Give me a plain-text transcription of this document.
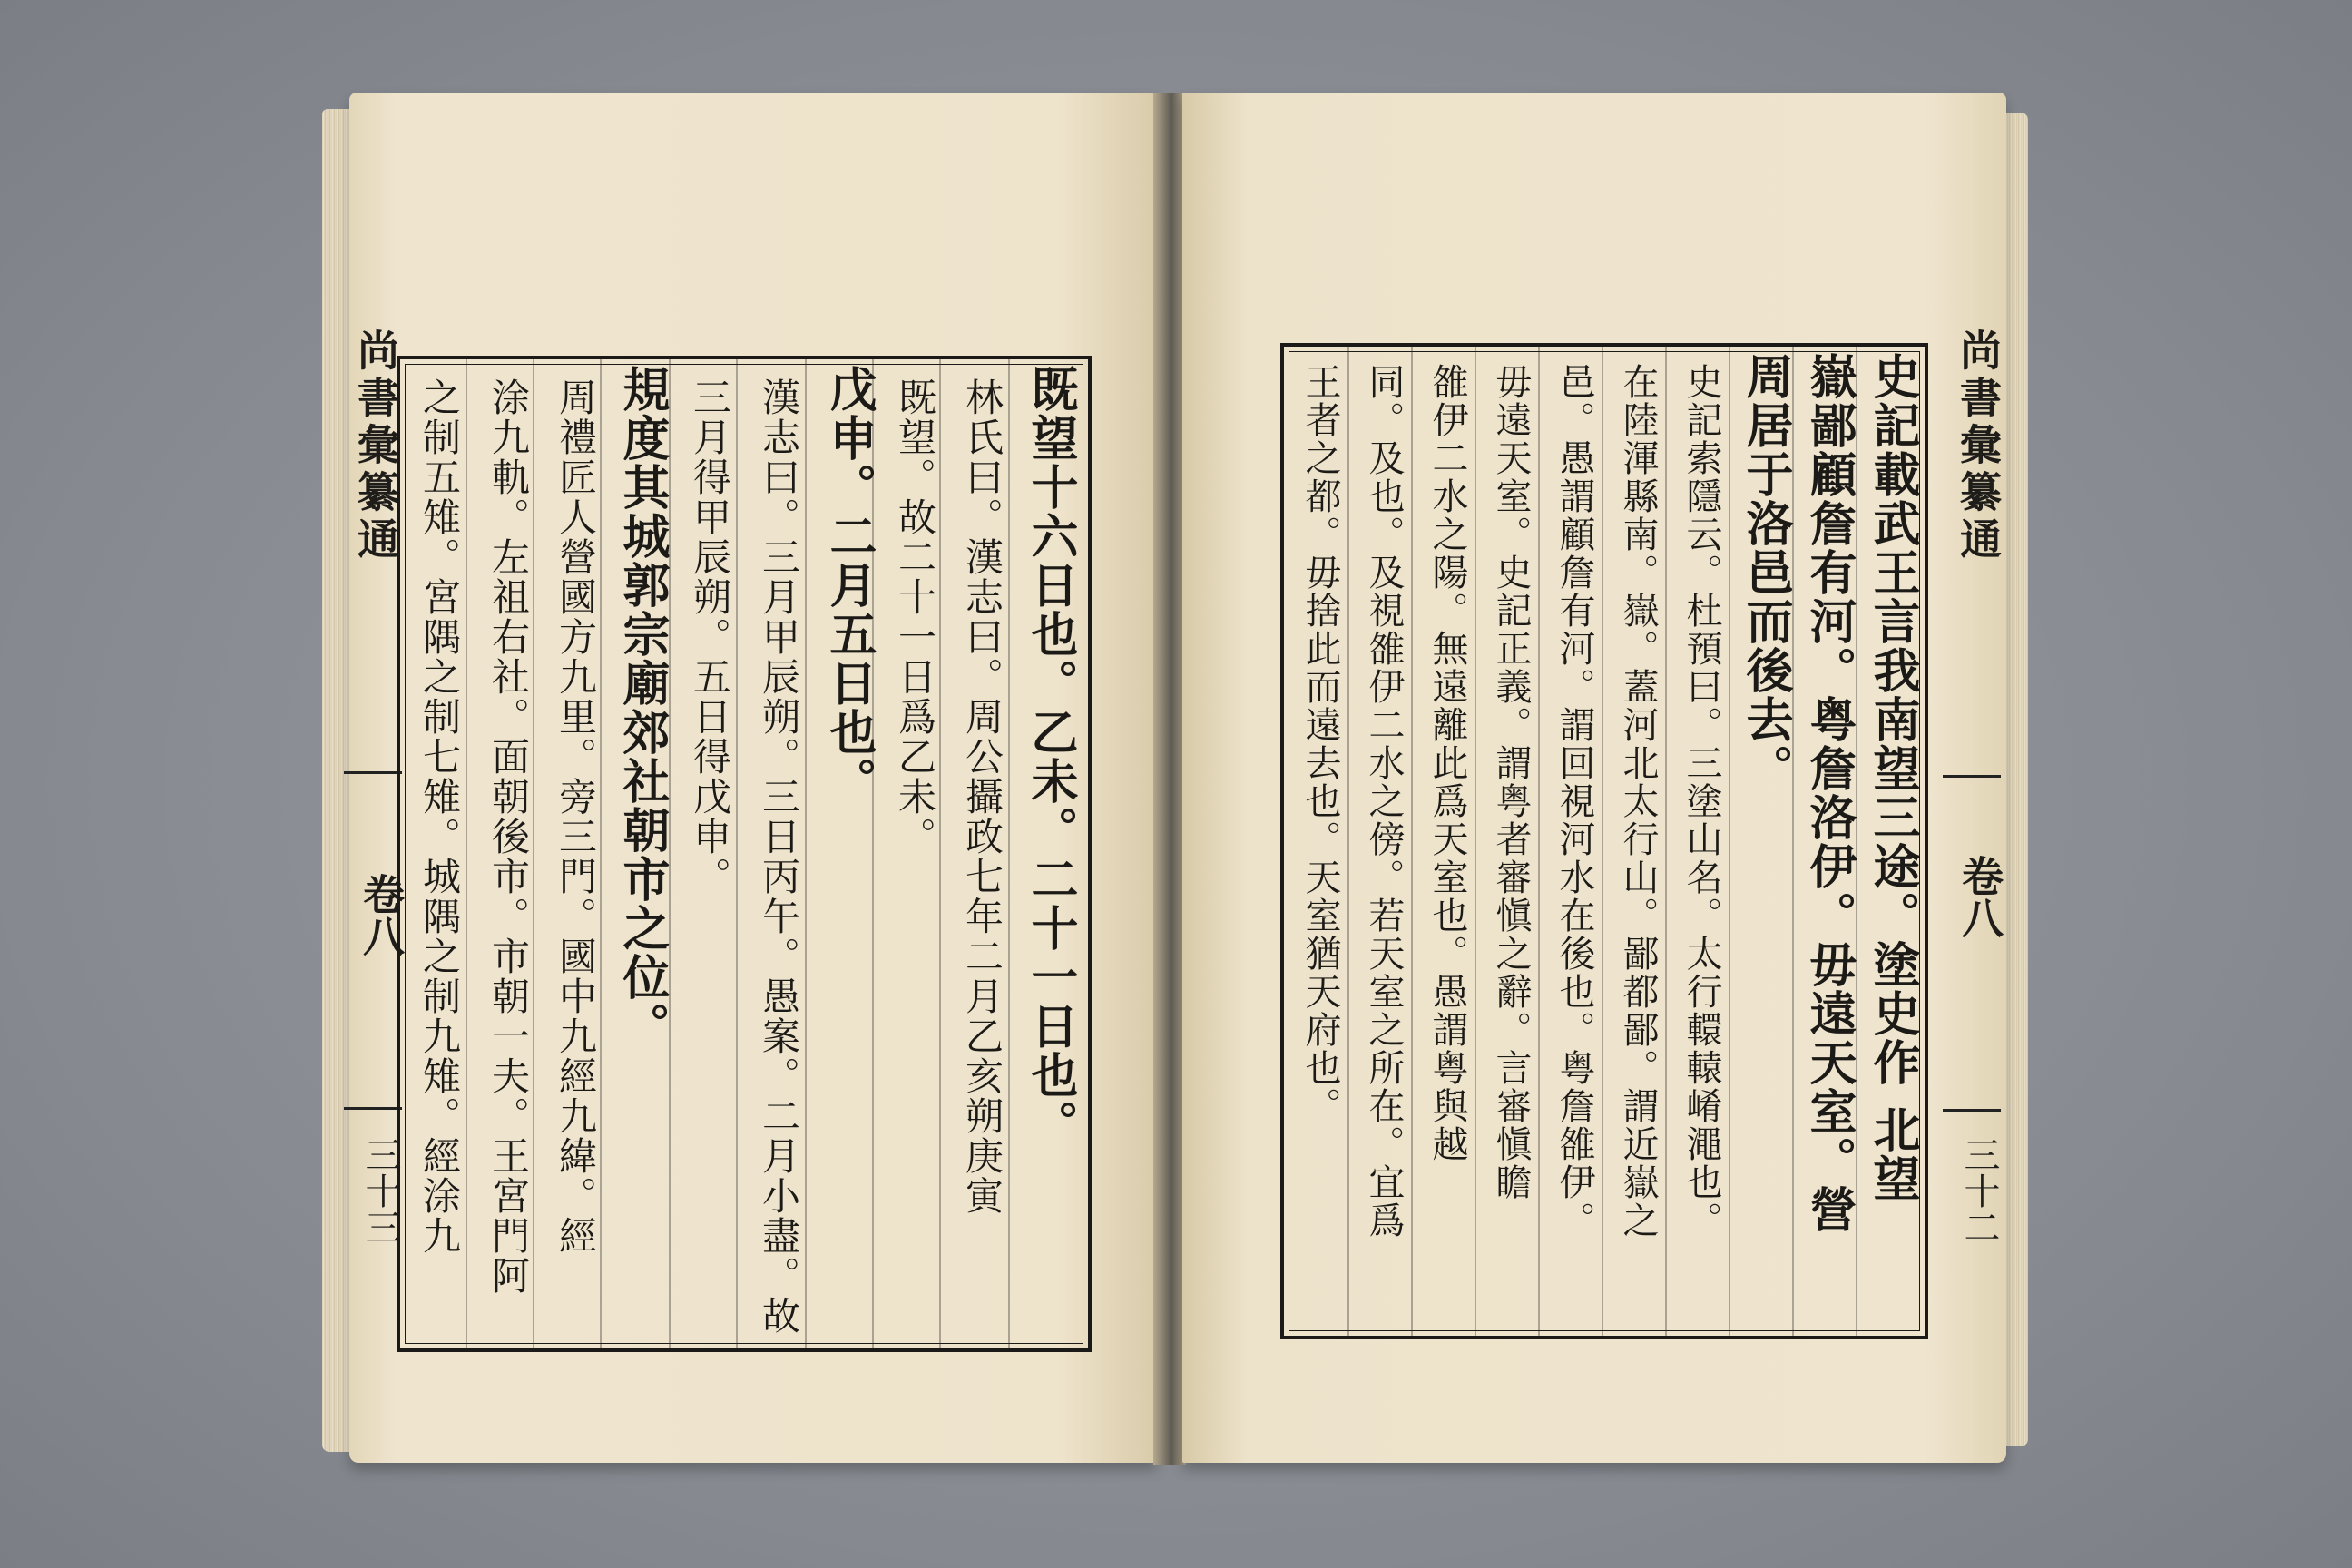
尚書彙纂通
卷八
三十三
既望十六日也。乙未。二十一日也。
林氏曰。漢志曰。周公攝政七年二月乙亥朔庚寅
既望。故二十一日爲乙未。
戊申。二月五日也。
漢志曰。三月甲辰朔。三日丙午。愚案。二月小盡。故
三月得甲辰朔。五日得戊申。
規度其城郭宗廟郊社朝市之位。
周禮匠人營國方九里。旁三門。國中九經九緯。經
涂九軌。左祖右社。面朝後市。市朝一夫。王宮門阿
之制五雉。宮隅之制七雉。城隅之制九雉。經涂九	尚書彙纂通
卷八
三十二
史記載武王言我南望三途。塗史作 北望
嶽鄙顧詹有河。粤詹洛伊。毋遠天室。營
周居于洛邑而後去。
史記索隱云。杜預曰。三塗山名。太行轘轅崤澠也。
在陸渾縣南。嶽。蓋河北太行山。鄙都鄙。謂近嶽之
邑。愚謂顧詹有河。謂回視河水在後也。粤詹雒伊。
毋遠天室。史記正義。謂粤者審愼之辭。言審愼瞻
雒伊二水之陽。無遠離此爲天室也。愚謂粤與越
同。及也。及視雒伊二水之傍。若天室之所在。宜爲
王者之都。毋捨此而遠去也。天室猶天府也。
